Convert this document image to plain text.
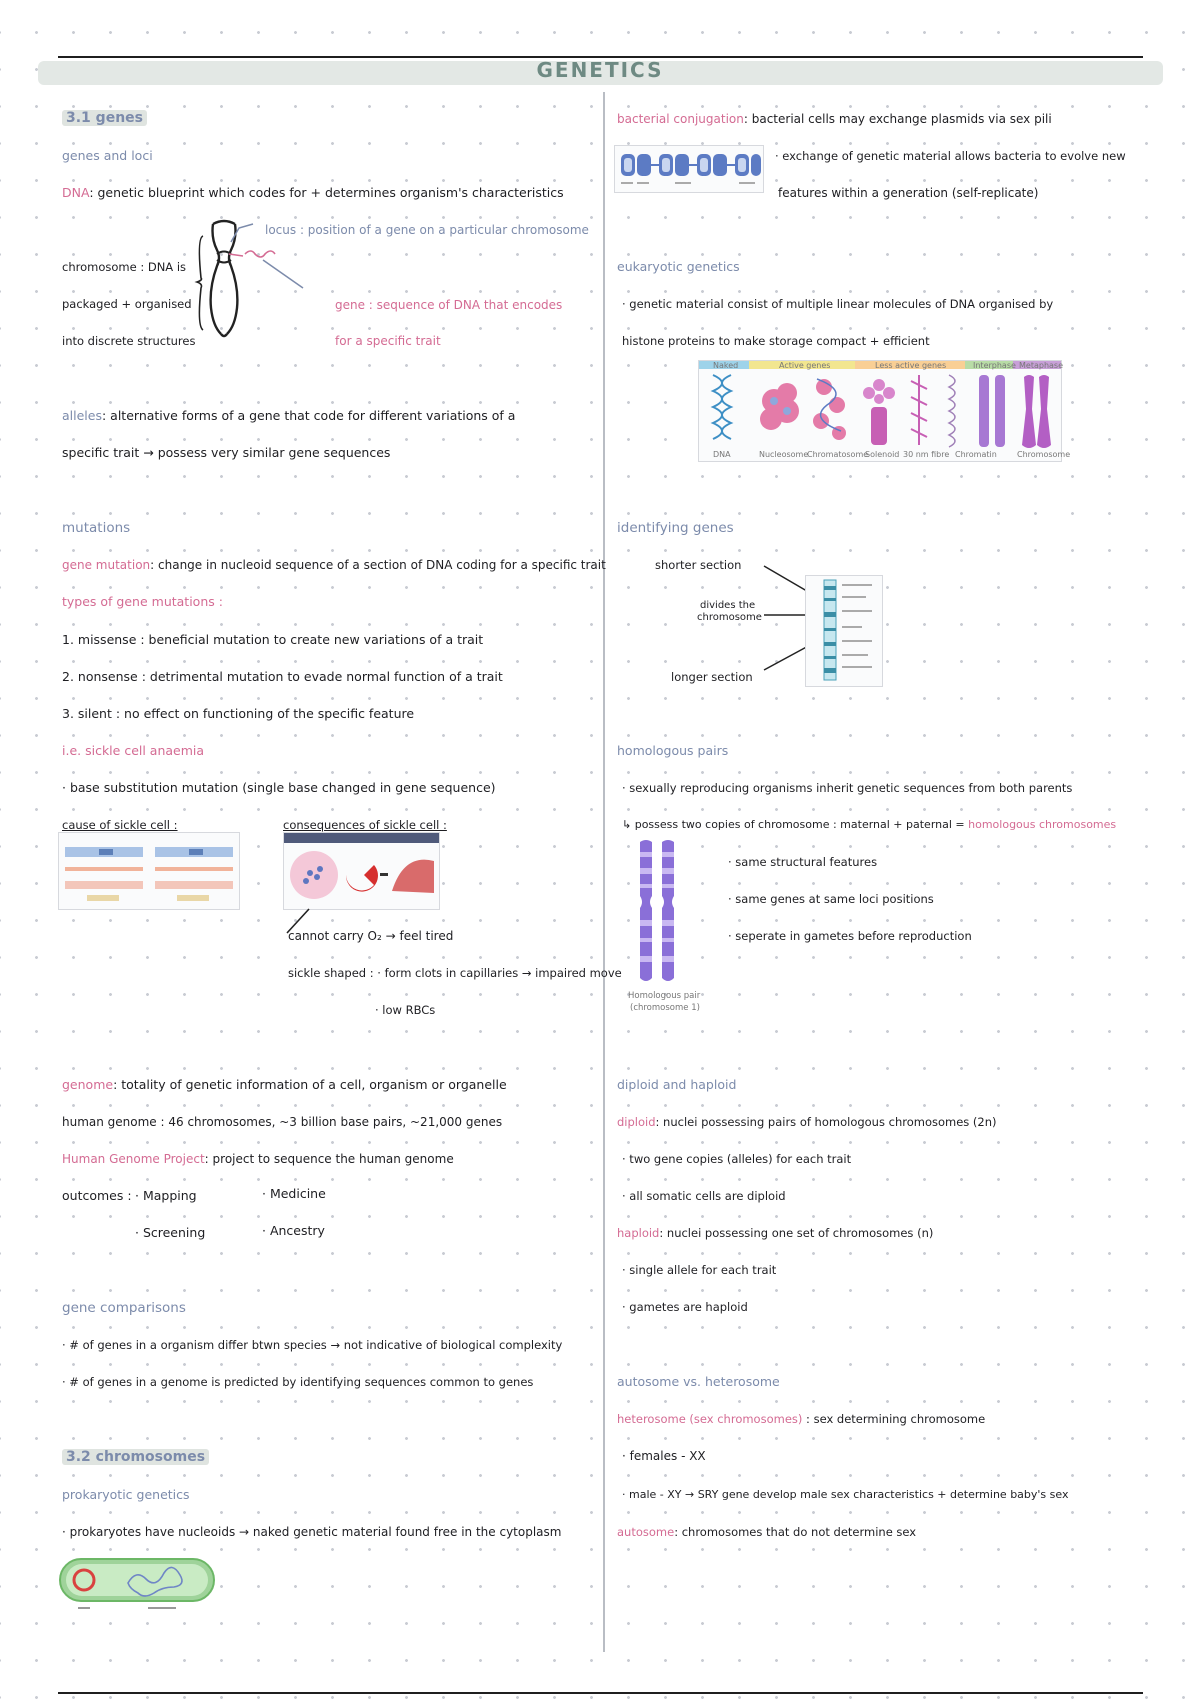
GENETICS
3.1 genes
genes and loci
DNA: genetic blueprint which codes for + determines organism's characteristics
locus : position of a gene on a particular chromosome
chromosome : DNA is
packaged + organised
into discrete structures
gene : sequence of DNA that encodes
for a specific trait
alleles: alternative forms of a gene that code for different variations of a
specific trait → possess very similar gene sequences
mutations
gene mutation: change in nucleoid sequence of a section of DNA coding for a specific trait
types of gene mutations :
1. missense : beneficial mutation to create new variations of a trait
2. nonsense : detrimental mutation to evade normal function of a trait
3. silent : no effect on functioning of the specific feature
i.e. sickle cell anaemia
· base substitution mutation (single base changed in gene sequence)
cause of sickle cell :	consequences of sickle cell :
cannot carry O₂ → feel tired
sickle shaped : · form clots in capillaries → impaired move
· low RBCs
genome: totality of genetic information of a cell, organism or organelle
human genome : 46 chromosomes, ~3 billion base pairs, ~21,000 genes
Human Genome Project: project to sequence the human genome
outcomes : · Mapping	· Medicine
· Screening	· Ancestry
gene comparisons
· # of genes in a organism differ btwn species → not indicative of biological complexity
· # of genes in a genome is predicted by identifying sequences common to genes
3.2 chromosomes
prokaryotic genetics
· prokaryotes have nucleoids → naked genetic material found free in the cytoplasm
bacterial conjugation: bacterial cells may exchange plasmids via sex pili
· exchange of genetic material allows bacteria to evolve new
features within a generation (self-replicate)
eukaryotic genetics
· genetic material consist of multiple linear molecules of DNA organised by
histone proteins to make storage compact + efficient
Naked	Active genes	Less active genes	Interphase Metaphase
DNA	Nucleosome
Chromatosome
Solenoid 30 nm fibre Chromatin	Chromosome
identifying genes
shorter section
divides the
chromosome
longer section
homologous pairs
· sexually reproducing organisms inherit genetic sequences from both parents
↳ possess two copies of chromosome : maternal + paternal = homologous chromosomes
Homologous pair
(chromosome 1)
· same structural features
· same genes at same loci positions
· seperate in gametes before reproduction
diploid and haploid
diploid: nuclei possessing pairs of homologous chromosomes (2n)
· two gene copies (alleles) for each trait
· all somatic cells are diploid
haploid: nuclei possessing one set of chromosomes (n)
· single allele for each trait
· gametes are haploid
autosome vs. heterosome
heterosome (sex chromosomes) : sex determining chromosome
· females - XX
· male - XY → SRY gene develop male sex characteristics + determine baby's sex
autosome: chromosomes that do not determine sex
